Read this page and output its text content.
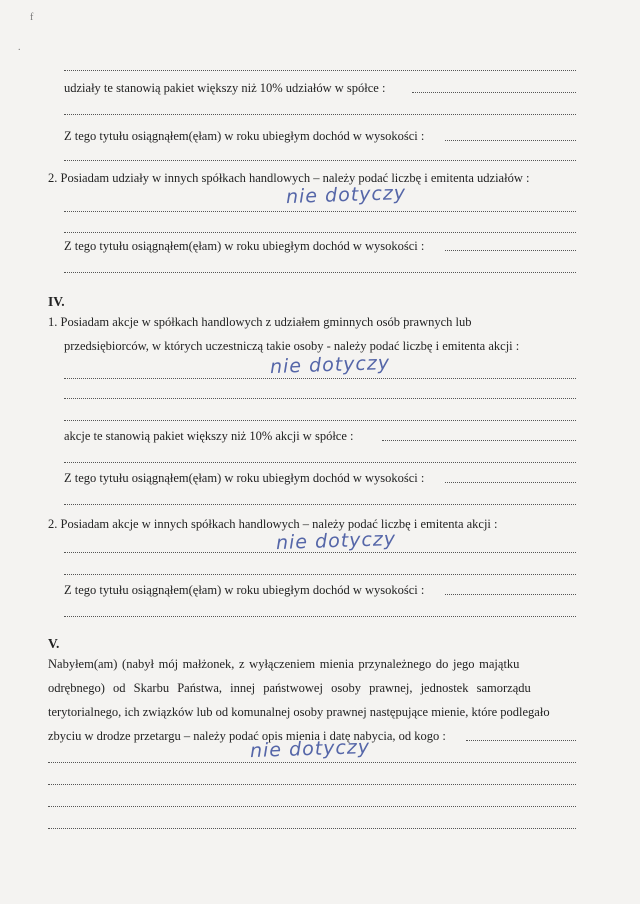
f
.
udziały te stanowią pakiet większy niż 10% udziałów w spółce :
Z tego tytułu osiągnąłem(ęłam) w roku ubiegłym dochód w wysokości :
2. Posiadam udziały w innych spółkach handlowych – należy podać liczbę i emitenta udziałów :
nie dotyczy
Z tego tytułu osiągnąłem(ęłam) w roku ubiegłym dochód w wysokości :
IV.
1. Posiadam akcje w spółkach handlowych z udziałem gminnych osób prawnych lub
przedsiębiorców, w których uczestniczą takie osoby - należy podać liczbę i emitenta akcji :
nie dotyczy
akcje te stanowią pakiet większy niż 10% akcji w spółce :
Z tego tytułu osiągnąłem(ęłam) w roku ubiegłym dochód w wysokości :
2. Posiadam akcje w innych spółkach handlowych – należy podać liczbę i emitenta akcji :
nie dotyczy
Z tego tytułu osiągnąłem(ęłam) w roku ubiegłym dochód w wysokości :
V.
Nabyłem(am) (nabył mój małżonek, z wyłączeniem mienia przynależnego do jego majątku
odrębnego) od Skarbu Państwa, innej państwowej osoby prawnej, jednostek samorządu
terytorialnego, ich związków lub od komunalnej osoby prawnej następujące mienie, które podlegało
zbyciu w drodze przetargu – należy podać opis mienia i datę nabycia, od kogo :
nie dotyczy
